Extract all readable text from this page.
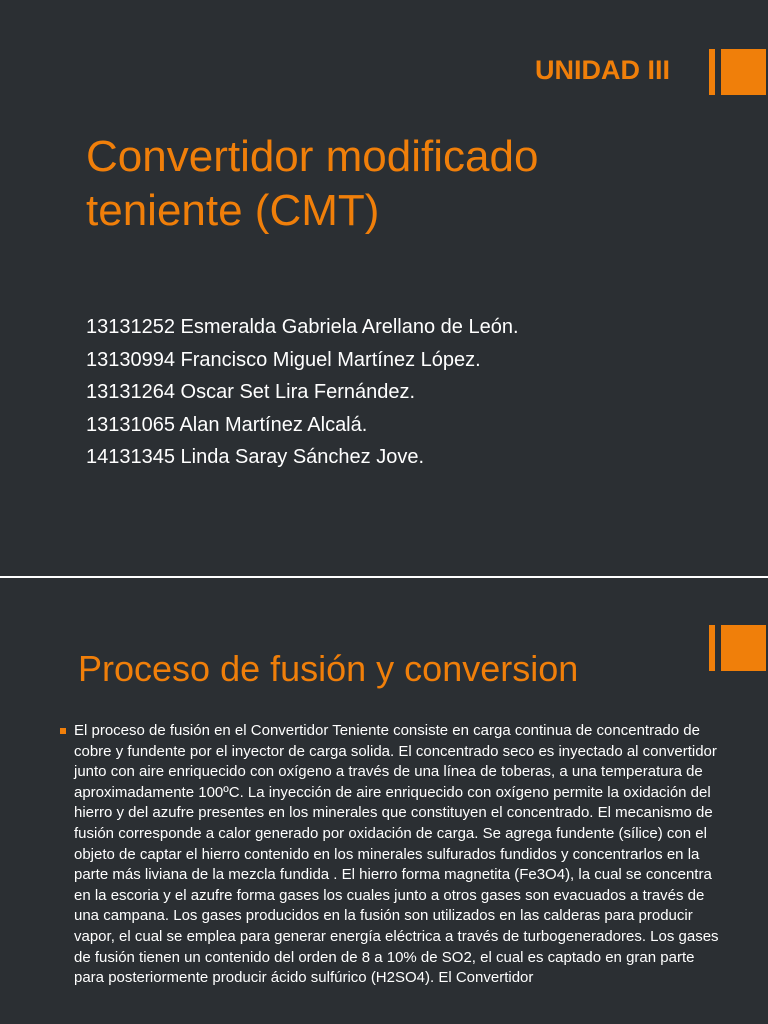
UNIDAD III
Convertidor modificado teniente (CMT)
13131252 Esmeralda Gabriela Arellano de León.
13130994 Francisco Miguel Martínez López.
13131264 Oscar Set Lira Fernández.
13131065 Alan Martínez Alcalá.
14131345 Linda Saray Sánchez Jove.
Proceso de fusión y conversion

El proceso de fusión en el Convertidor Teniente consiste en carga continua de concentrado de cobre y fundente por el inyector de carga solida. El concentrado seco es inyectado al convertidor junto con aire enriquecido con oxígeno a través de una línea de toberas, a una temperatura de aproximadamente 100ºC. La inyección de aire enriquecido con oxígeno permite la oxidación del hierro y del azufre presentes en los minerales que constituyen el concentrado. El mecanismo de fusión corresponde a calor generado por oxidación de carga. Se agrega fundente (sílice) con el objeto de captar el hierro contenido en los minerales sulfurados fundidos y concentrarlos en la parte más liviana de la mezcla fundida . El hierro forma magnetita (Fe3O4), la cual se concentra en la escoria y el azufre forma gases los cuales junto a otros gases son evacuados a través de una campana. Los gases producidos en la fusión son utilizados en las calderas para producir vapor, el cual se emplea para generar energía eléctrica a través de turbogeneradores. Los gases de fusión tienen un contenido del orden de 8 a 10% de SO2, el cual es captado en gran parte para posteriormente producir ácido sulfúrico (H2SO4). El Convertidor
